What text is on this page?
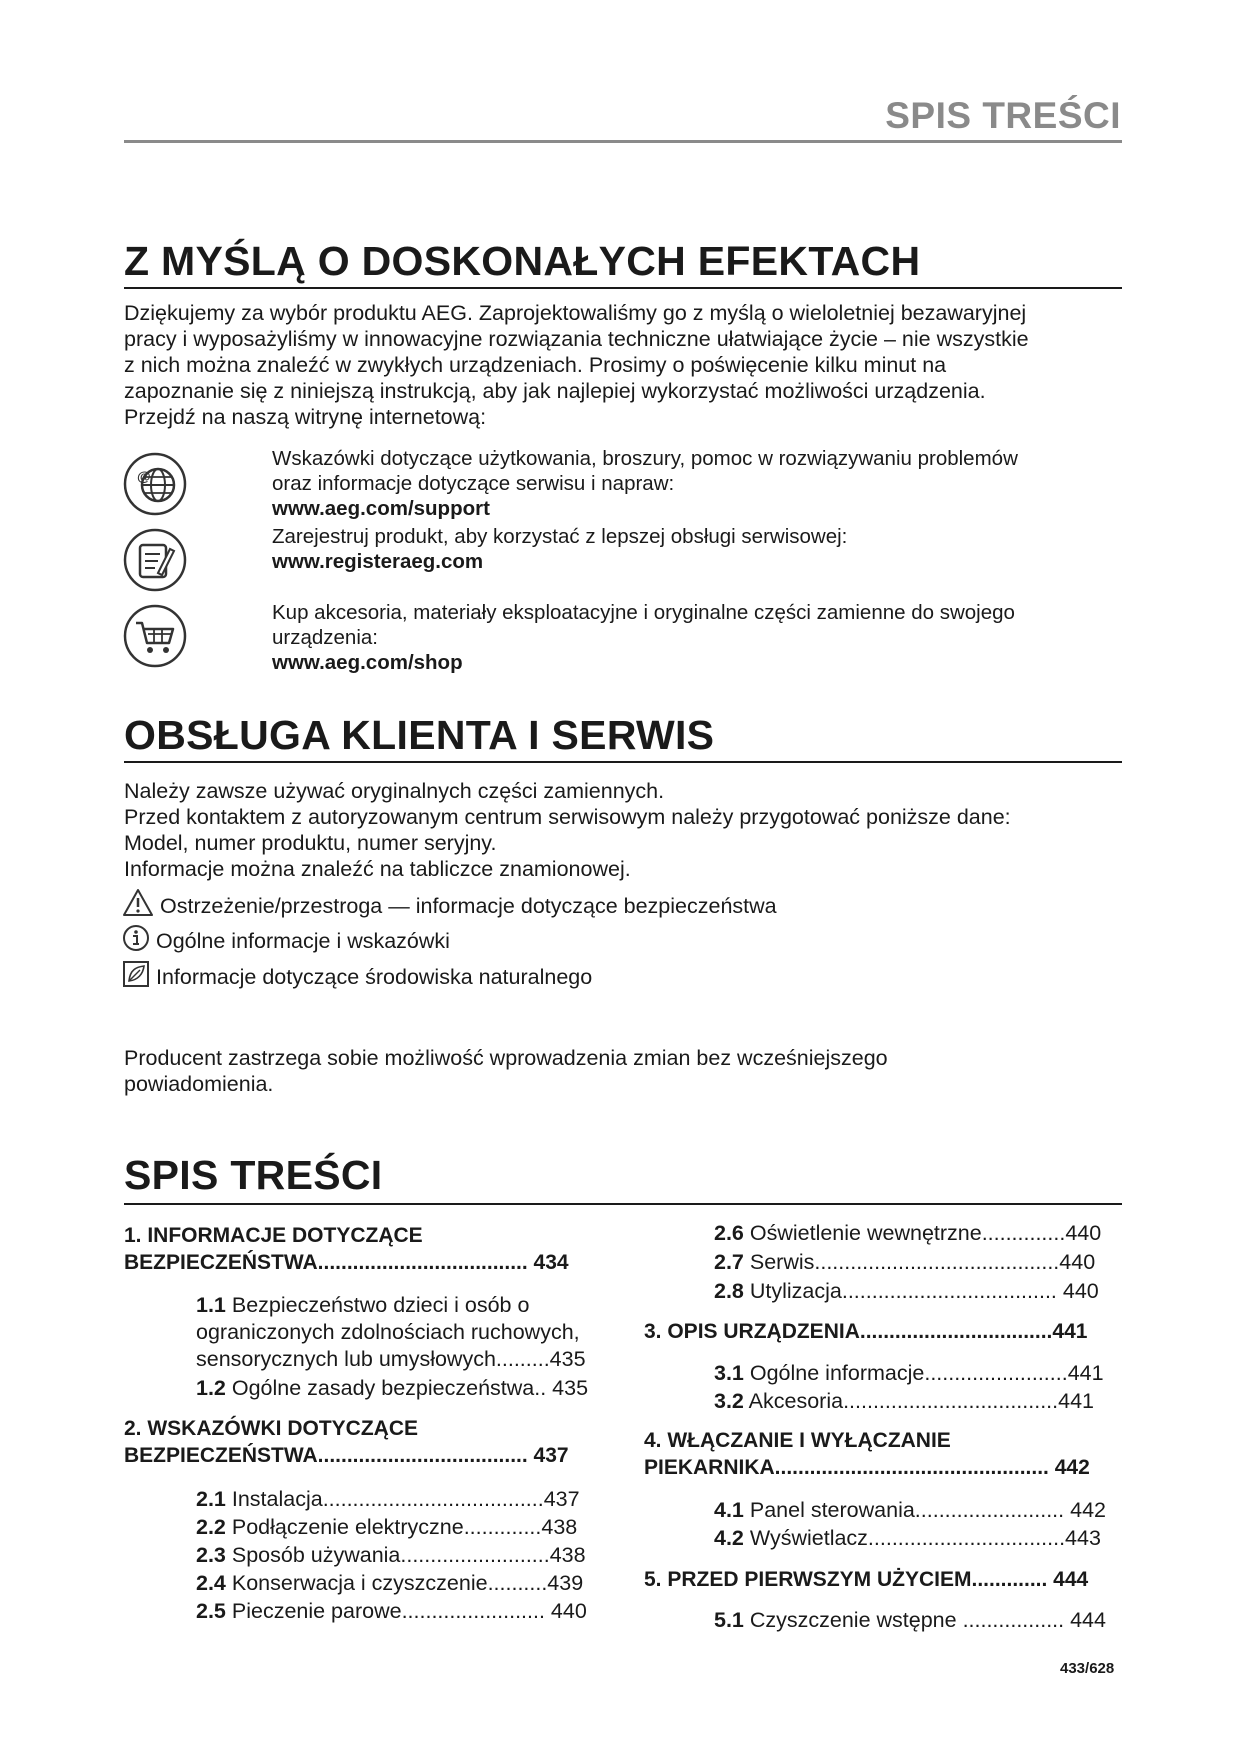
SPIS TREŚCI
Z MYŚLĄ O DOSKONAŁYCH EFEKTACH
Dziękujemy za wybór produktu AEG. Zaprojektowaliśmy go z myślą o wieloletniej bezawaryjnej
pracy i wyposażyliśmy w innowacyjne rozwiązania techniczne ułatwiające życie – nie wszystkie
z nich można znaleźć w zwykłych urządzeniach. Prosimy o poświęcenie kilku minut na
zapoznanie się z niniejszą instrukcją, aby jak najlepiej wykorzystać możliwości urządzenia.
Przejdź na naszą witrynę internetową:
@
Wskazówki dotyczące użytkowania, broszury, pomoc w rozwiązywaniu problemów
oraz informacje dotyczące serwisu i napraw:
www.aeg.com/support
Zarejestruj produkt, aby korzystać z lepszej obsługi serwisowej:
www.registeraeg.com
Kup akcesoria, materiały eksploatacyjne i oryginalne części zamienne do swojego
urządzenia:
www.aeg.com/shop
OBSŁUGA KLIENTA I SERWIS
Należy zawsze używać oryginalnych części zamiennych.
Przed kontaktem z autoryzowanym centrum serwisowym należy przygotować poniższe dane:
Model, numer produktu, numer seryjny.
Informacje można znaleźć na tabliczce znamionowej.
Ostrzeżenie/przestroga — informacje dotyczące bezpieczeństwa
Ogólne informacje i wskazówki
Informacje dotyczące środowiska naturalnego
Producent zastrzega sobie możliwość wprowadzenia zmian bez wcześniejszego
powiadomienia.
SPIS TREŚCI
1. INFORMACJE DOTYCZĄCE
BEZPIECZEŃSTWA.................................... 434
1.1 Bezpieczeństwo dzieci i osób o
ograniczonych zdolnościach ruchowych,
sensorycznych lub umysłowych.........435
1.2 Ogólne zasady bezpieczeństwa.. 435
2. WSKAZÓWKI DOTYCZĄCE
BEZPIECZEŃSTWA.................................... 437
2.1 Instalacja.....................................437
2.2 Podłączenie elektryczne.............438
2.3 Sposób używania.........................438
2.4 Konserwacja i czyszczenie..........439
2.5 Pieczenie parowe........................ 440
2.6 Oświetlenie wewnętrzne..............440
2.7 Serwis.........................................440
2.8 Utylizacja.................................... 440
3. OPIS URZĄDZENIA.................................441
3.1 Ogólne informacje........................441
3.2 Akcesoria....................................441
4. WŁĄCZANIE I WYŁĄCZANIE
PIEKARNIKA............................................... 442
4.1 Panel sterowania......................... 442
4.2 Wyświetlacz.................................443
5. PRZED PIERWSZYM UŻYCIEM............. 444
5.1 Czyszczenie wstępne ................. 444
433/628
